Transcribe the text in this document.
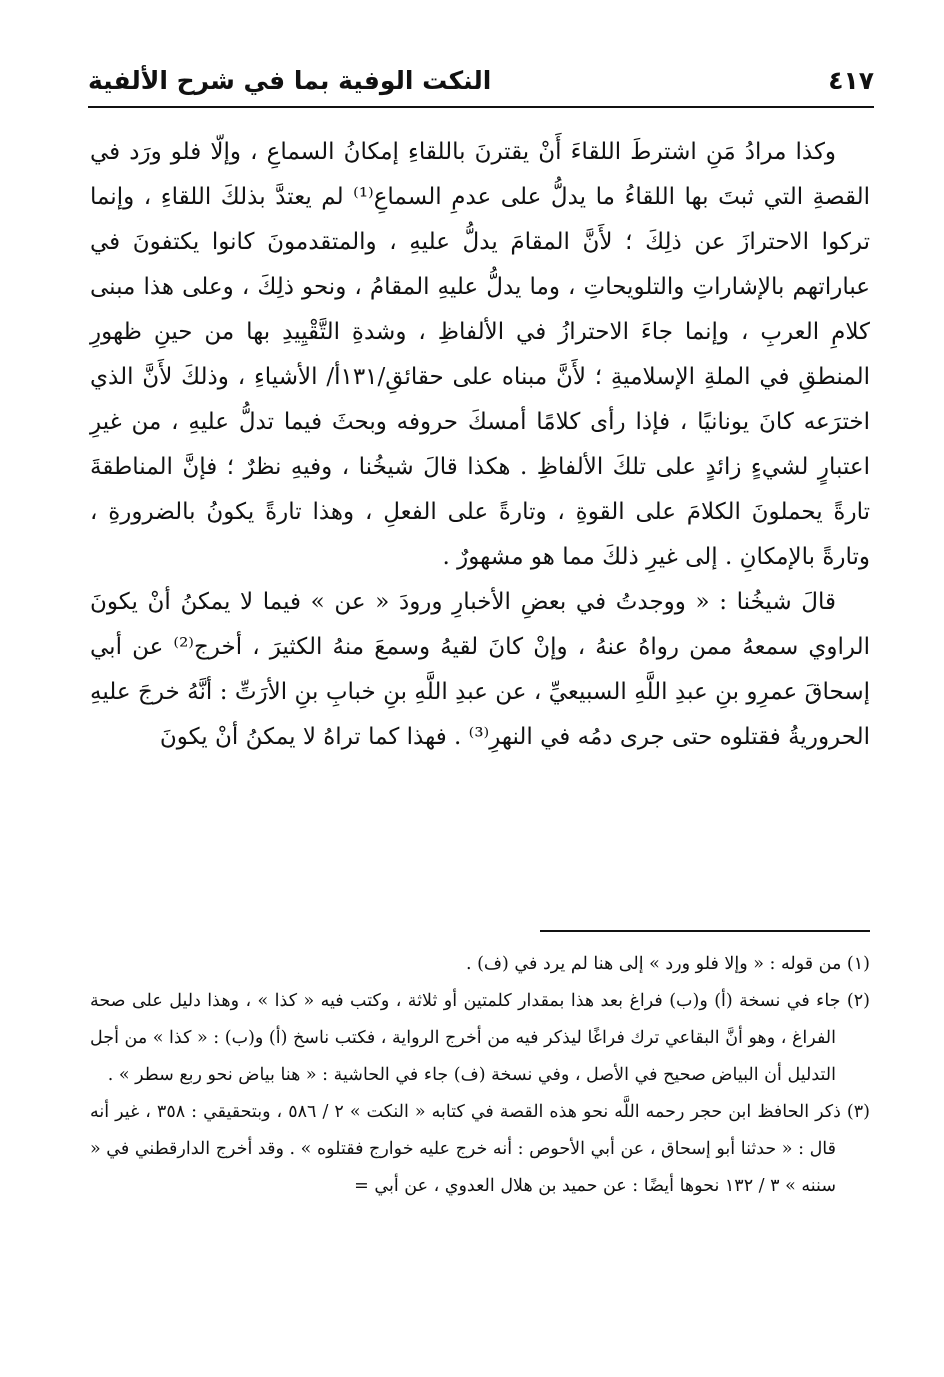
النكت الوفية بما في شرح الألفية	٤١٧

وكذا مرادُ مَنِ اشترطَ اللقاءَ أَنْ يقترنَ باللقاءِ إمكانُ السماعِ ، وإلّا فلو ورَد في القصةِ التي ثبتَ بها اللقاءُ ما يدلُّ على عدمِ السماعِ⁽¹⁾ لم يعتدَّ بذلكَ اللقاءِ ، وإنما تركوا الاحترازَ عن ذلِكَ ؛ لأَنَّ المقامَ يدلُّ عليهِ ، والمتقدمونَ كانوا يكتفونَ في عباراتهم بالإشاراتِ والتلويحاتِ ، وما يدلُّ عليهِ المقامُ ، ونحو ذلِكَ ، وعلى هذا مبنى كلامِ العربِ ، وإنما جاءَ الاحترازُ في الألفاظِ ، وشدةِ التَّقْيِيدِ بها من حينِ ظهورِ المنطقِ في الملةِ الإسلاميةِ ؛ لأَنَّ مبناه على حقائقِ/١٣١أ/ الأشياءِ ، وذلكَ لأَنَّ الذي اخترَعه كانَ يونانيًا ، فإذا رأى كلامًا أمسكَ حروفه وبحثَ فيما تدلُّ عليهِ ، من غيرِ اعتبارٍ لشيءٍ زائدٍ على تلكَ الألفاظِ . هكذا قالَ شيخُنا ، وفيهِ نظرٌ ؛ فإنَّ المناطقةَ تارةً يحملونَ الكلامَ على القوةِ ، وتارةً على الفعلِ ، وهذا تارةً يكونُ بالضرورةِ ، وتارةً بالإمكانِ . إلى غيرِ ذلكَ مما هو مشهورٌ .

قالَ شيخُنا : « ووجدتُ في بعضِ الأخبارِ ورودَ « عن » فيما لا يمكنُ أنْ يكونَ الراوي سمعهُ ممن رواهُ عنهُ ، وإنْ كانَ لقيهُ وسمعَ منهُ الكثيرَ ، أخرج⁽²⁾ عن أبي إسحاقَ عمرِو بنِ عبدِ اللَّهِ السبيعيِّ ، عن عبدِ اللَّهِ بنِ خبابِ بنِ الأرَتِّ : أنَّهُ خرجَ عليهِ الحروريةُ فقتلوه حتى جرى دمُه في النهرِ⁽³⁾ . فهذا كما تراهُ لا يمكنُ أنْ يكونَ

(١) من قوله : « وإلا فلو ورد » إلى هنا لم يرد في (ف) .

(٢) جاء في نسخة (أ) و(ب) فراغ بعد هذا بمقدار كلمتين أو ثلاثة ، وكتب فيه « كذا » ، وهذا دليل على صحة الفراغ ، وهو أنَّ البقاعي ترك فراغًا ليذكر فيه من أخرج الرواية ، فكتب ناسخ (أ) و(ب) : « كذا » من أجل التدليل أن البياض صحيح في الأصل ، وفي نسخة (ف) جاء في الحاشية : « هنا بياض نحو ربع سطر » .

(٣) ذكر الحافظ ابن حجر رحمه اللَّه نحو هذه القصة في كتابه « النكت » ٢ / ٥٨٦ ، وبتحقيقي : ٣٥٨ ، غير أنه قال : « حدثنا أبو إسحاق ، عن أبي الأحوص : أنه خرج عليه خوارج فقتلوه » . وقد أخرج الدارقطني في « سننه » ٣ / ١٣٢ نحوها أيضًا : عن حميد بن هلال العدوي ، عن أبي =
